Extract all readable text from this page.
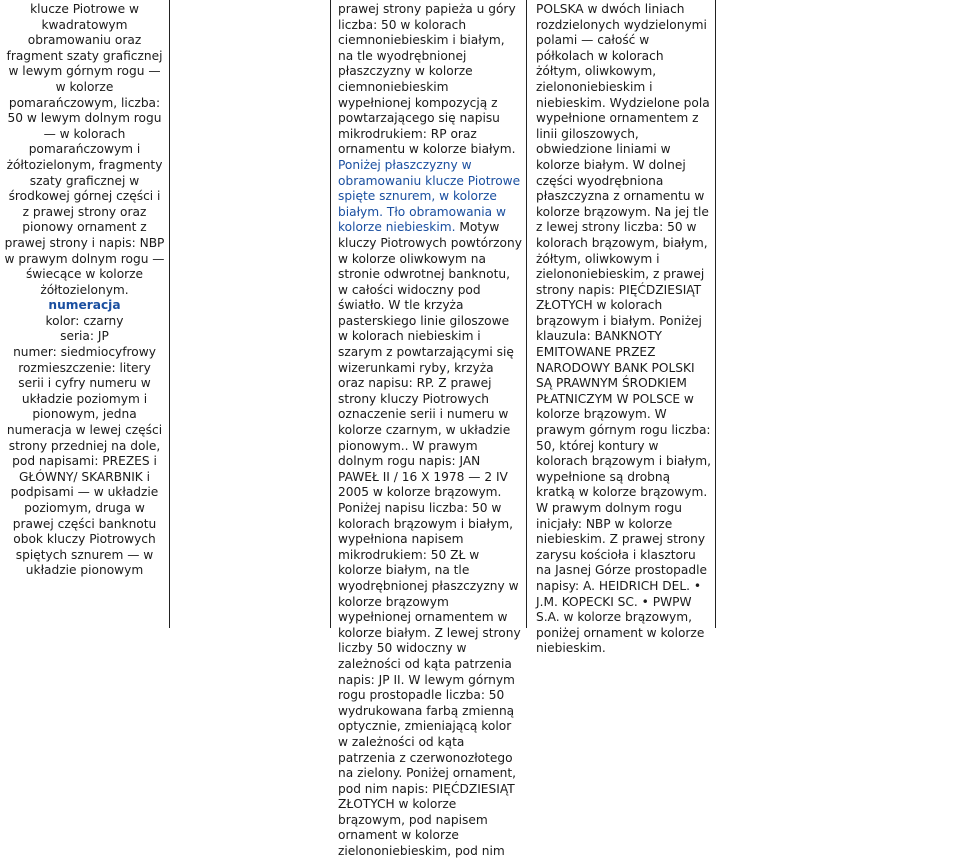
klucze Piotrowe w kwadratowym obramowaniu oraz fragment szaty graficznej w lewym górnym rogu — w kolorze pomarańczowym, liczba: 50 w lewym dolnym rogu — w kolorach pomarańczowym i żółtozielonym, fragmenty szaty graficznej w środkowej górnej części i z prawej strony oraz pionowy ornament z prawej strony i napis: NBP w prawym dolnym rogu — świecące w kolorze żółtozielonym.

numeracja

kolor: czarny

seria: JP

numer: siedmiocyfrowy

rozmieszczenie: litery serii i cyfry numeru w układzie poziomym i pionowym, jedna numeracja w lewej części strony przedniej na dole, pod napisami: PREZES i GŁÓWNY/ SKARBNIK i podpisami — w układzie poziomym, druga w prawej części banknotu obok kluczy Piotrowych spiętych sznurem — w układzie pionowym

prawej strony papieża u góry liczba: 50 w kolorach ciemnoniebieskim i białym, na tle wyodrębnionej płaszczyzny w kolorze ciemnoniebieskim wypełnionej kompozycją z powtarzającego się napisu mikrodrukiem: RP oraz ornamentu w kolorze białym. Poniżej płaszczyzny w obramowaniu klucze Piotrowe spięte sznurem, w kolorze białym. Tło obramowania w kolorze niebieskim. Motyw kluczy Piotrowych powtórzony w kolorze oliwkowym na stronie odwrotnej banknotu, w całości widoczny pod światło. W tle krzyża pasterskiego linie giloszowe w kolorach niebieskim i szarym z powtarzającymi się wizerunkami ryby, krzyża oraz napisu: RP. Z prawej strony kluczy Piotrowych oznaczenie serii i numeru w kolorze czarnym, w układzie pionowym.. W prawym dolnym rogu napis: JAN PAWEŁ II / 16 X 1978 — 2 IV 2005 w kolorze brązowym. Poniżej napisu liczba: 50 w kolorach brązowym i białym, wypełniona napisem mikrodrukiem: 50 ZŁ w kolorze białym, na tle wyodrębnionej płaszczyzny w kolorze brązowym wypełnionej ornamentem w kolorze białym. Z lewej strony liczby 50 widoczny w zależności od kąta patrzenia napis: JP II. W lewym górnym rogu prostopadle liczba: 50 wydrukowana farbą zmienną optycznie, zmieniającą kolor w zależności od kąta patrzenia z czerwonozłotego na zielony. Poniżej ornament, pod nim napis: PIĘĆDZIESIĄT ZŁOTYCH w kolorze brązowym, pod napisem ornament w kolorze zielononiebieskim, pod nim

POLSKA w dwóch liniach rozdzielonych wydzielonymi polami — całość w półkolach w kolorach żółtym, oliwkowym, zielononiebieskim i niebieskim. Wydzielone pola wypełnione ornamentem z linii giloszowych, obwiedzione liniami w kolorze białym. W dolnej części wyodrębniona płaszczyzna z ornamentu w kolorze brązowym. Na jej tle z lewej strony liczba: 50 w kolorach brązowym, białym, żółtym, oliwkowym i zielononiebieskim, z prawej strony napis: PIĘĆDZIESIĄT ZŁOTYCH w kolorach brązowym i białym. Poniżej klauzula: BANKNOTY EMITOWANE PRZEZ NARODOWY BANK POLSKI SĄ PRAWNYM ŚRODKIEM PŁATNICZYM W POLSCE w kolorze brązowym. W prawym górnym rogu liczba: 50, której kontury w kolorach brązowym i białym, wypełnione są drobną kratką w kolorze brązowym. W prawym dolnym rogu inicjały: NBP w kolorze niebieskim. Z prawej strony zarysu kościoła i klasztoru na Jasnej Górze prostopadle napisy: A. HEIDRICH DEL. • J.M. KOPECKI SC. • PWPW S.A. w kolorze brązowym, poniżej ornament w kolorze niebieskim.
